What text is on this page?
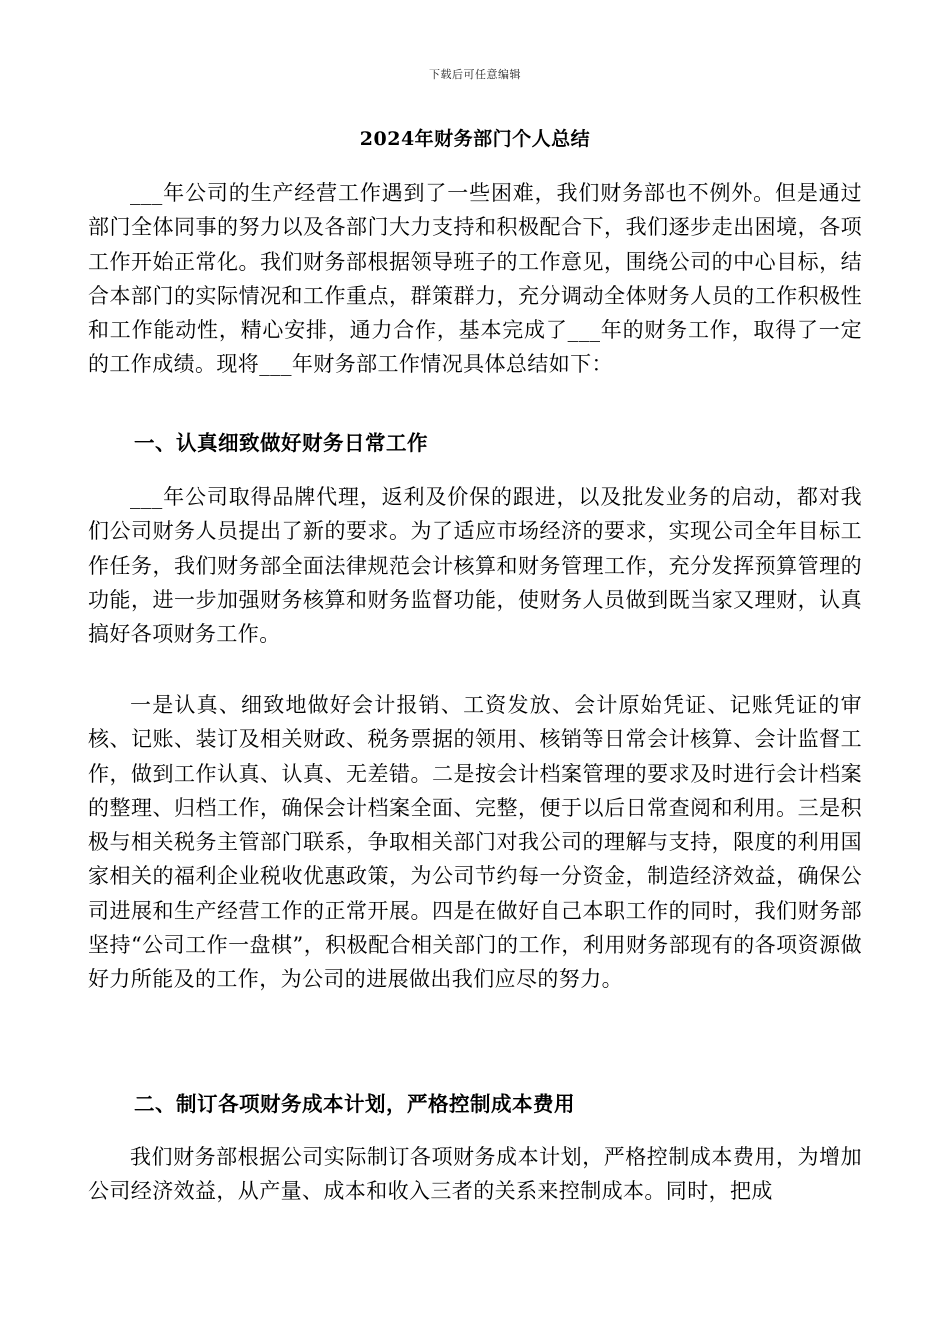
下载后可任意编辑
2024年财务部门个人总结

___年公司的生产经营工作遇到了一些困难，我们财务部也不例外。但是通过部门全体同事的努力以及各部门大力支持和积极配合下，我们逐步走出困境，各项工作开始正常化。我们财务部根据领导班子的工作意见，围绕公司的中心目标，结合本部门的实际情况和工作重点，群策群力，充分调动全体财务人员的工作积极性和工作能动性，精心安排，通力合作，基本完成了___年的财务工作，取得了一定的工作成绩。现将___年财务部工作情况具体总结如下：

一、认真细致做好财务日常工作

___年公司取得品牌代理，返利及价保的跟进，以及批发业务的启动，都对我们公司财务人员提出了新的要求。为了适应市场经济的要求，实现公司全年目标工作任务，我们财务部全面法律规范会计核算和财务管理工作，充分发挥预算管理的功能，进一步加强财务核算和财务监督功能，使财务人员做到既当家又理财，认真搞好各项财务工作。

一是认真、细致地做好会计报销、工资发放、会计原始凭证、记账凭证的审核、记账、装订及相关财政、税务票据的领用、核销等日常会计核算、会计监督工作，做到工作认真、认真、无差错。二是按会计档案管理的要求及时进行会计档案的整理、归档工作，确保会计档案全面、完整，便于以后日常查阅和利用。三是积极与相关税务主管部门联系，争取相关部门对我公司的理解与支持，限度的利用国家相关的福利企业税收优惠政策，为公司节约每一分资金，制造经济效益，确保公司进展和生产经营工作的正常开展。四是在做好自己本职工作的同时，我们财务部坚持“公司工作一盘棋”，积极配合相关部门的工作，利用财务部现有的各项资源做好力所能及的工作，为公司的进展做出我们应尽的努力。

二、制订各项财务成本计划，严格控制成本费用

我们财务部根据公司实际制订各项财务成本计划，严格控制成本费用，为增加公司经济效益，从产量、成本和收入三者的关系来控制成本。同时，把成
